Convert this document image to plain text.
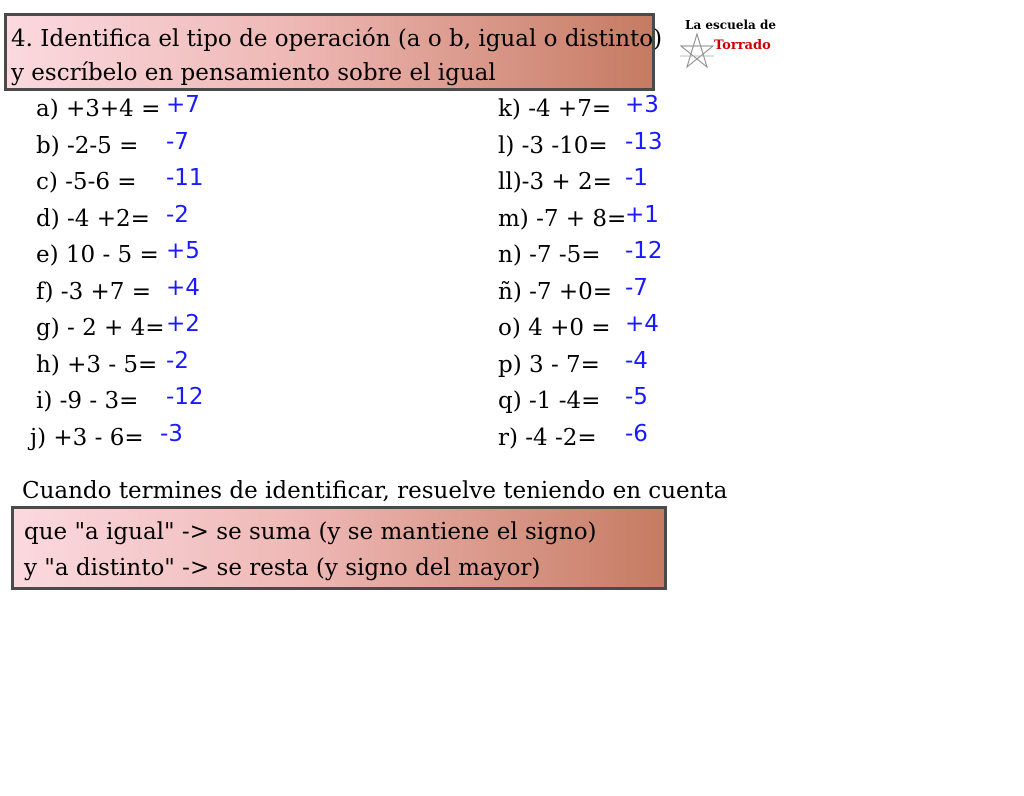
4. Identifica el tipo de operación (a o b, igual o distinto)
y escríbelo en pensamiento sobre el igual
La escuela de
Torrado
a) +3+4 = +7
b) -2-5 = -7
c) -5-6 = -11
d) -4 +2= -2
e) 10 - 5 = +5
f) -3 +7 = +4
g) - 2 + 4= +2
h) +3 - 5= -2
i) -9 - 3= -12
j) +3 - 6= -3
k) -4 +7= +3
l) -3 -10= -13
ll)-3 + 2= -1
m) -7 + 8=
+1
n) -7 -5= -12
ñ) -7 +0= -7
o) 4 +0 = +4
p) 3 - 7= -4
q) -1 -4= -5
r) -4 -2= -6
Cuando termines de identificar, resuelve teniendo en cuenta
que "a igual" -> se suma (y se mantiene el signo)
y "a distinto" -> se resta (y signo del mayor)
